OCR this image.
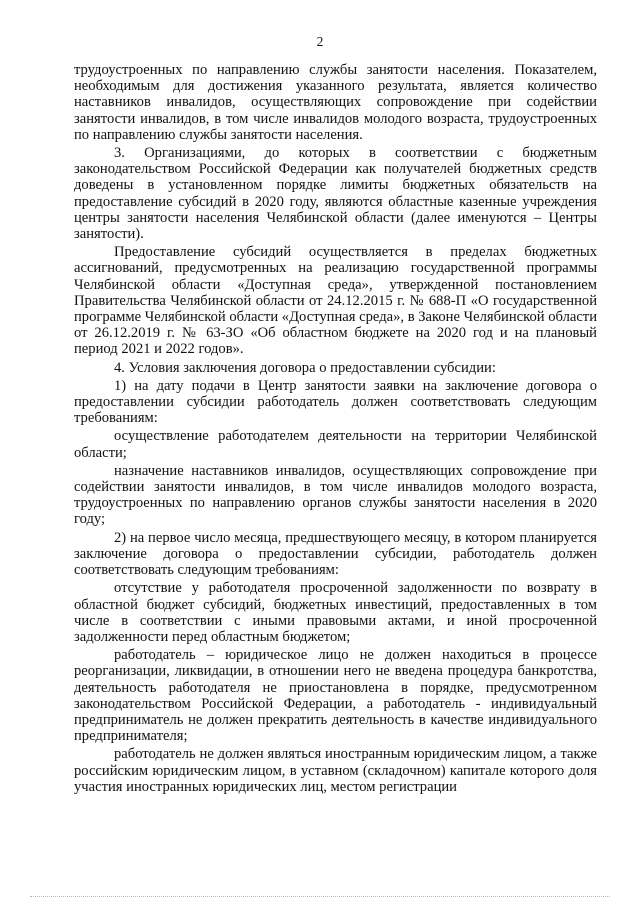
2

трудоустроенных по направлению службы занятости населения. Показателем, необходимым для достижения указанного результата, является количество наставников инвалидов, осуществляющих сопровождение при содействии занятости инвалидов, в том числе инвалидов молодого возраста, трудоустроенных по направлению службы занятости населения.

3. Организациями, до которых в соответствии с бюджетным законодательством Российской Федерации как получателей бюджетных средств доведены в установленном порядке лимиты бюджетных обязательств на предоставление субсидий в 2020 году, являются областные казенные учреждения центры занятости населения Челябинской области (далее именуются – Центры занятости).

Предоставление субсидий осуществляется в пределах бюджетных ассигнований, предусмотренных на реализацию государственной программы Челябинской области «Доступная среда», утвержденной постановлением Правительства Челябинской области от 24.12.2015 г. № 688-П «О государственной программе Челябинской области «Доступная среда», в Законе Челябинской области от 26.12.2019 г. № 63-ЗО «Об областном бюджете на 2020 год и на плановый период 2021 и 2022 годов».

4. Условия заключения договора о предоставлении субсидии:

1) на дату подачи в Центр занятости заявки на заключение договора о предоставлении субсидии работодатель должен соответствовать следующим требованиям:

осуществление работодателем деятельности на территории Челябинской области;

назначение наставников инвалидов, осуществляющих сопровождение при содействии занятости инвалидов, в том числе инвалидов молодого возраста, трудоустроенных по направлению органов службы занятости населения в 2020 году;

2) на первое число месяца, предшествующего месяцу, в котором планируется заключение договора о предоставлении субсидии, работодатель должен соответствовать следующим требованиям:

отсутствие у работодателя просроченной задолженности по возврату в областной бюджет субсидий, бюджетных инвестиций, предоставленных в том числе в соответствии с иными правовыми актами, и иной просроченной задолженности перед областным бюджетом;

работодатель – юридическое лицо не должен находиться в процессе реорганизации, ликвидации, в отношении него не введена процедура банкротства, деятельность работодателя не приостановлена в порядке, предусмотренном законодательством Российской Федерации, а работодатель - индивидуальный предприниматель не должен прекратить деятельность в качестве индивидуального предпринимателя;

работодатель не должен являться иностранным юридическим лицом, а также российским юридическим лицом, в уставном (складочном) капитале которого доля участия иностранных юридических лиц, местом регистрации
